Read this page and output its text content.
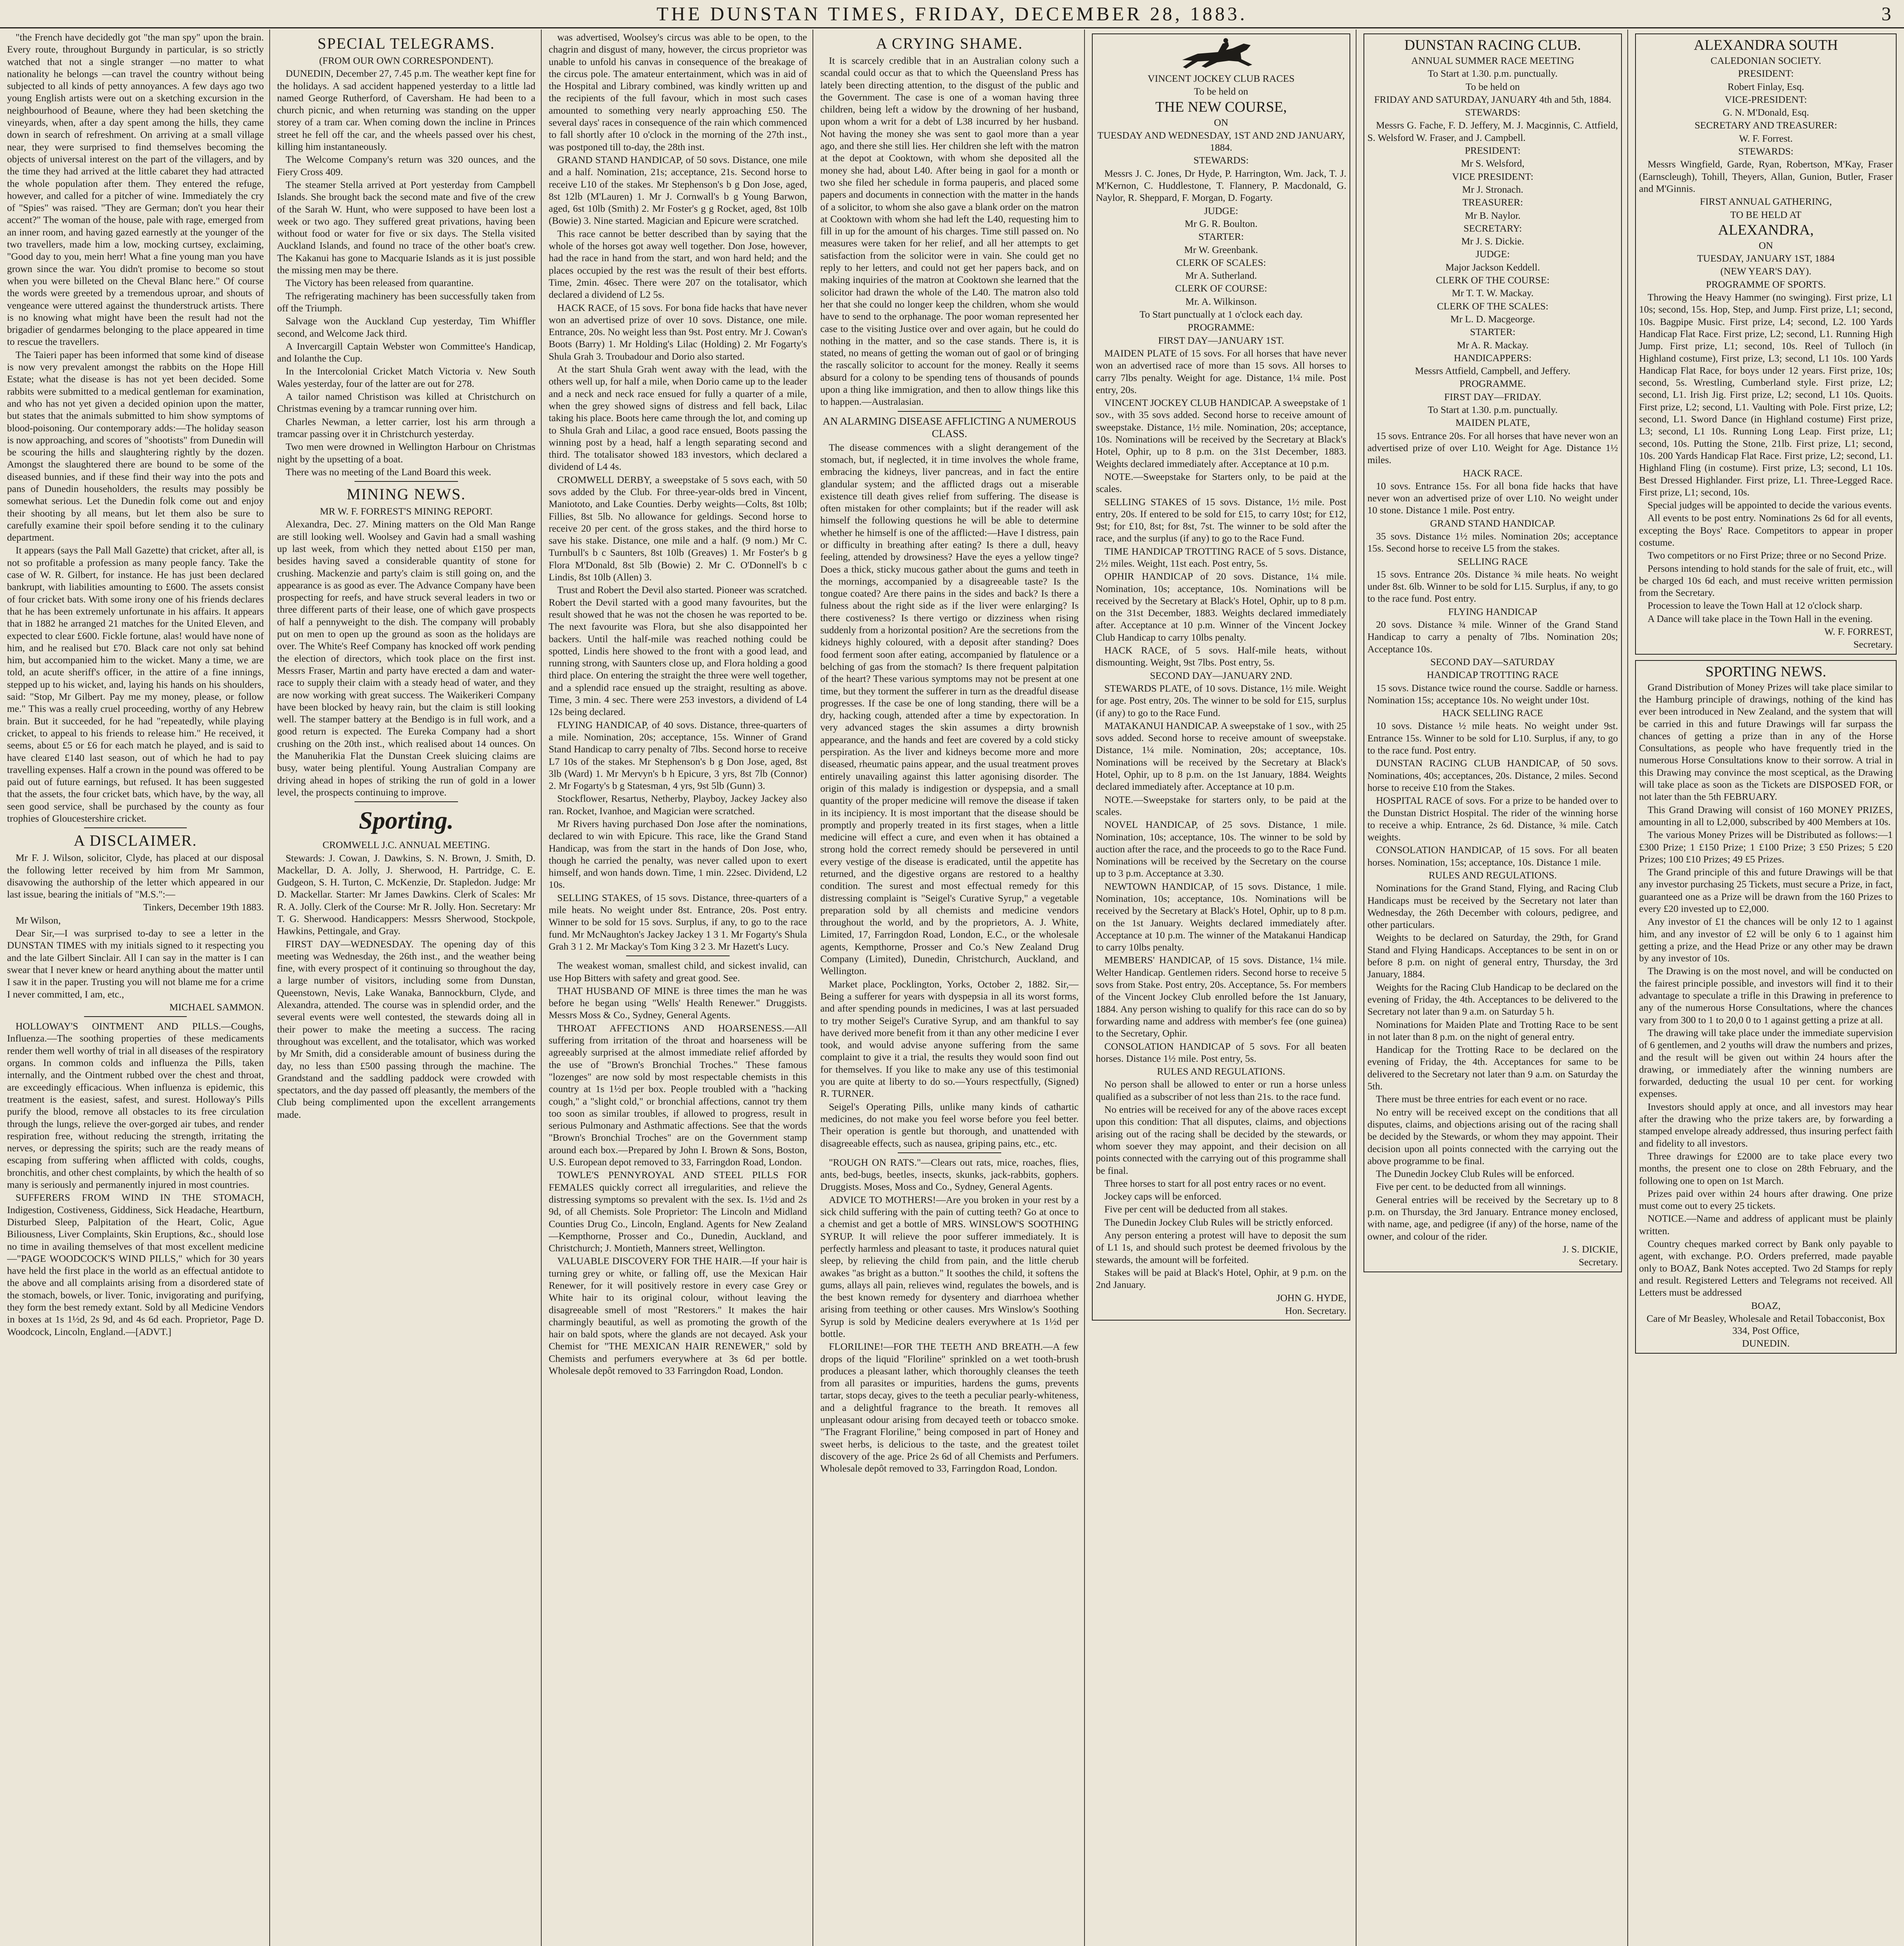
THE DUNSTAN TIMES, FRIDAY, DECEMBER 28, 1883.	3

"the French have decidedly got "the man spy" upon the brain. Every route, throughout Burgundy in particular, is so strictly watched that not a single stranger —no matter to what nationality he belongs —can travel the country without being subjected to all kinds of petty annoyances. A few days ago two young English artists were out on a sketching excursion in the neighbourhood of Beaune, where they had been sketching the vineyards, when, after a day spent among the hills, they came down in search of refreshment. On arriving at a small village near, they were surprised to find themselves becoming the objects of universal interest on the part of the villagers, and by the time they had arrived at the little cabaret they had attracted the whole population after them. They entered the refuge, however, and called for a pitcher of wine. Immediately the cry of "Spies" was raised. "They are German; don't you hear their accent?" The woman of the house, pale with rage, emerged from an inner room, and having gazed earnestly at the younger of the two travellers, made him a low, mocking curtsey, exclaiming, "Good day to you, mein herr! What a fine young man you have grown since the war. You didn't promise to become so stout when you were billeted on the Cheval Blanc here." Of course the words were greeted by a tremendous uproar, and shouts of vengeance were uttered against the thunderstruck artists. There is no knowing what might have been the result had not the brigadier of gendarmes belonging to the place appeared in time to rescue the travellers.

The Taieri paper has been informed that some kind of disease is now very prevalent amongst the rabbits on the Hope Hill Estate; what the disease is has not yet been decided. Some rabbits were submitted to a medical gentleman for examination, and who has not yet given a decided opinion upon the matter, but states that the animals submitted to him show symptoms of blood-poisoning. Our contemporary adds:—The holiday season is now approaching, and scores of "shootists" from Dunedin will be scouring the hills and slaughtering rightly by the dozen. Amongst the slaughtered there are bound to be some of the diseased bunnies, and if these find their way into the pots and pans of Dunedin householders, the results may possibly be somewhat serious. Let the Dunedin folk come out and enjoy their shooting by all means, but let them also be sure to carefully examine their spoil before sending it to the culinary department.

It appears (says the Pall Mall Gazette) that cricket, after all, is not so profitable a profession as many people fancy. Take the case of W. R. Gilbert, for instance. He has just been declared bankrupt, with liabilities amounting to £600. The assets consist of four cricket bats. With some irony one of his friends declares that he has been extremely unfortunate in his affairs. It appears that in 1882 he arranged 21 matches for the United Eleven, and expected to clear £600. Fickle fortune, alas! would have none of him, and he realised but £70. Black care not only sat behind him, but accompanied him to the wicket. Many a time, we are told, an acute sheriff's officer, in the attire of a fine innings, stepped up to his wicket, and, laying his hands on his shoulders, said: "Stop, Mr Gilbert. Pay me my money, please, or follow me." This was a really cruel proceeding, worthy of any Hebrew brain. But it succeeded, for he had "repeatedly, while playing cricket, to appeal to his friends to release him." He received, it seems, about £5 or £6 for each match he played, and is said to have cleared £140 last season, out of which he had to pay travelling expenses. Half a crown in the pound was offered to be paid out of future earnings, but refused. It has been suggested that the assets, the four cricket bats, which have, by the way, all seen good service, shall be purchased by the county as four trophies of Gloucestershire cricket.

A DISCLAIMER.

Mr F. J. Wilson, solicitor, Clyde, has placed at our disposal the following letter received by him from Mr Sammon, disavowing the authorship of the letter which appeared in our last issue, bearing the initials of "M.S.":—

Tinkers, December 19th 1883.

Mr Wilson,

Dear Sir,—I was surprised to-day to see a letter in the DUNSTAN TIMES with my initials signed to it respecting you and the late Gilbert Sinclair. All I can say in the matter is I can swear that I never knew or heard anything about the matter until I saw it in the paper. Trusting you will not blame me for a crime I never committed, I am, etc.,

MICHAEL SAMMON.

HOLLOWAY'S OINTMENT AND PILLS.—Coughs, Influenza.—The soothing properties of these medicaments render them well worthy of trial in all diseases of the respiratory organs. In common colds and influenza the Pills, taken internally, and the Ointment rubbed over the chest and throat, are exceedingly efficacious. When influenza is epidemic, this treatment is the easiest, safest, and surest. Holloway's Pills purify the blood, remove all obstacles to its free circulation through the lungs, relieve the over-gorged air tubes, and render respiration free, without reducing the strength, irritating the nerves, or depressing the spirits; such are the ready means of escaping from suffering when afflicted with colds, coughs, bronchitis, and other chest complaints, by which the health of so many is seriously and permanently injured in most countries.

SUFFERERS FROM WIND IN THE STOMACH, Indigestion, Costiveness, Giddiness, Sick Headache, Heartburn, Disturbed Sleep, Palpitation of the Heart, Colic, Ague Biliousness, Liver Complaints, Skin Eruptions, &c., should lose no time in availing themselves of that most excellent medicine—"PAGE WOODCOCK'S WIND PILLS," which for 30 years have held the first place in the world as an effectual antidote to the above and all complaints arising from a disordered state of the stomach, bowels, or liver. Tonic, invigorating and purifying, they form the best remedy extant. Sold by all Medicine Vendors in boxes at 1s 1½d, 2s 9d, and 4s 6d each. Proprietor, Page D. Woodcock, Lincoln, England.—[ADVT.]

SPECIAL TELEGRAMS.

(FROM OUR OWN CORRESPONDENT).

DUNEDIN, December 27, 7.45 p.m. The weather kept fine for the holidays. A sad accident happened yesterday to a little lad named George Rutherford, of Caversham. He had been to a church picnic, and when returning was standing on the upper storey of a tram car. When coming down the incline in Princes street he fell off the car, and the wheels passed over his chest, killing him instantaneously.

The Welcome Company's return was 320 ounces, and the Fiery Cross 409.

The steamer Stella arrived at Port yesterday from Campbell Islands. She brought back the second mate and five of the crew of the Sarah W. Hunt, who were supposed to have been lost a week or two ago. They suffered great privations, having been without food or water for five or six days. The Stella visited Auckland Islands, and found no trace of the other boat's crew. The Kakanui has gone to Macquarie Islands as it is just possible the missing men may be there.

The Victory has been released from quarantine.

The refrigerating machinery has been successfully taken from off the Triumph.

Salvage won the Auckland Cup yesterday, Tim Whiffler second, and Welcome Jack third.

A Invercargill Captain Webster won Committee's Handicap, and Iolanthe the Cup.

In the Intercolonial Cricket Match Victoria v. New South Wales yesterday, four of the latter are out for 278.

A tailor named Christison was killed at Christchurch on Christmas evening by a tramcar running over him.

Charles Newman, a letter carrier, lost his arm through a tramcar passing over it in Christchurch yesterday.

Two men were drowned in Wellington Harbour on Christmas night by the upsetting of a boat.

There was no meeting of the Land Board this week.

MINING NEWS.

MR W. F. FORREST'S MINING REPORT.

Alexandra, Dec. 27. Mining matters on the Old Man Range are still looking well. Woolsey and Gavin had a small washing up last week, from which they netted about £150 per man, besides having saved a considerable quantity of stone for crushing. Mackenzie and party's claim is still going on, and the appearance is as good as ever. The Advance Company have been prospecting for reefs, and have struck several leaders in two or three different parts of their lease, one of which gave prospects of half a pennyweight to the dish. The company will probably put on men to open up the ground as soon as the holidays are over. The White's Reef Company has knocked off work pending the election of directors, which took place on the first inst. Messrs Fraser, Martin and party have erected a dam and water-race to supply their claim with a steady head of water, and they are now working with great success. The Waikerikeri Company have been blocked by heavy rain, but the claim is still looking well. The stamper battery at the Bendigo is in full work, and a good return is expected. The Eureka Company had a short crushing on the 20th inst., which realised about 14 ounces. On the Manuherikia Flat the Dunstan Creek sluicing claims are busy, water being plentiful. Young Australian Company are driving ahead in hopes of striking the run of gold in a lower level, the prospects continuing to improve.

Sporting.

CROMWELL J.C. ANNUAL MEETING.

Stewards: J. Cowan, J. Dawkins, S. N. Brown, J. Smith, D. Mackellar, D. A. Jolly, J. Sherwood, H. Partridge, C. E. Gudgeon, S. H. Turton, C. McKenzie, Dr. Stapledon. Judge: Mr D. Mackellar. Starter: Mr James Dawkins. Clerk of Scales: Mr R. A. Jolly. Clerk of the Course: Mr R. Jolly. Hon. Secretary: Mr T. G. Sherwood. Handicappers: Messrs Sherwood, Stockpole, Hawkins, Pettingale, and Gray.

FIRST DAY—WEDNESDAY. The opening day of this meeting was Wednesday, the 26th inst., and the weather being fine, with every prospect of it continuing so throughout the day, a large number of visitors, including some from Dunstan, Queenstown, Nevis, Lake Wanaka, Bannockburn, Clyde, and Alexandra, attended. The course was in splendid order, and the several events were well contested, the stewards doing all in their power to make the meeting a success. The racing throughout was excellent, and the totalisator, which was worked by Mr Smith, did a considerable amount of business during the day, no less than £500 passing through the machine. The Grandstand and the saddling paddock were crowded with spectators, and the day passed off pleasantly, the members of the Club being complimented upon the excellent arrangements made.

was advertised, Woolsey's circus was able to be open, to the chagrin and disgust of many, however, the circus proprietor was unable to unfold his canvas in consequence of the breakage of the circus pole. The amateur entertainment, which was in aid of the Hospital and Library combined, was kindly written up and the recipients of the full favour, which in most such cases amounted to something very nearly approaching £50. The several days' races in consequence of the rain which commenced to fall shortly after 10 o'clock in the morning of the 27th inst., was postponed till to-day, the 28th inst.

GRAND STAND HANDICAP, of 50 sovs. Distance, one mile and a half. Nomination, 21s; acceptance, 21s. Second horse to receive L10 of the stakes. Mr Stephenson's b g Don Jose, aged, 8st 12lb (M'Lauren) 1. Mr J. Cornwall's b g Young Barwon, aged, 6st 10lb (Smith) 2. Mr Foster's g g Rocket, aged, 8st 10lb (Bowie) 3. Nine started. Magician and Epicure were scratched.

This race cannot be better described than by saying that the whole of the horses got away well together. Don Jose, however, had the race in hand from the start, and won hard held; and the places occupied by the rest was the result of their best efforts. Time, 2min. 46sec. There were 207 on the totalisator, which declared a dividend of L2 5s.

HACK RACE, of 15 sovs. For bona fide hacks that have never won an advertised prize of over 10 sovs. Distance, one mile. Entrance, 20s. No weight less than 9st. Post entry. Mr J. Cowan's Boots (Barry) 1. Mr Holding's Lilac (Holding) 2. Mr Fogarty's Shula Grah 3. Troubadour and Dorio also started.

At the start Shula Grah went away with the lead, with the others well up, for half a mile, when Dorio came up to the leader and a neck and neck race ensued for fully a quarter of a mile, when the grey showed signs of distress and fell back, Lilac taking his place. Boots here came through the lot, and coming up to Shula Grah and Lilac, a good race ensued, Boots passing the winning post by a head, half a length separating second and third. The totalisator showed 183 investors, which declared a dividend of L4 4s.

CROMWELL DERBY, a sweepstake of 5 sovs each, with 50 sovs added by the Club. For three-year-olds bred in Vincent, Maniototo, and Lake Counties. Derby weights—Colts, 8st 10lb; Fillies, 8st 5lb. No allowance for geldings. Second horse to receive 20 per cent. of the gross stakes, and the third horse to save his stake. Distance, one mile and a half. (9 nom.) Mr C. Turnbull's b c Saunters, 8st 10lb (Greaves) 1. Mr Foster's b g Flora M'Donald, 8st 5lb (Bowie) 2. Mr C. O'Donnell's b c Lindis, 8st 10lb (Allen) 3.

Trust and Robert the Devil also started. Pioneer was scratched. Robert the Devil started with a good many favourites, but the result showed that he was not the chosen he was reported to be. The next favourite was Flora, but she also disappointed her backers. Until the half-mile was reached nothing could be spotted, Lindis here showed to the front with a good lead, and running strong, with Saunters close up, and Flora holding a good third place. On entering the straight the three were well together, and a splendid race ensued up the straight, resulting as above. Time, 3 min. 4 sec. There were 253 investors, a dividend of L4 12s being declared.

FLYING HANDICAP, of 40 sovs. Distance, three-quarters of a mile. Nomination, 20s; acceptance, 15s. Winner of Grand Stand Handicap to carry penalty of 7lbs. Second horse to receive L7 10s of the stakes. Mr Stephenson's b g Don Jose, aged, 8st 3lb (Ward) 1. Mr Mervyn's b h Epicure, 3 yrs, 8st 7lb (Connor) 2. Mr Fogarty's b g Statesman, 4 yrs, 9st 5lb (Gunn) 3.

Stockflower, Resartus, Netherby, Playboy, Jackey Jackey also ran. Rocket, Ivanhoe, and Magician were scratched.

Mr Rivers having purchased Don Jose after the nominations, declared to win with Epicure. This race, like the Grand Stand Handicap, was from the start in the hands of Don Jose, who, though he carried the penalty, was never called upon to exert himself, and won hands down. Time, 1 min. 22sec. Dividend, L2 10s.

SELLING STAKES, of 15 sovs. Distance, three-quarters of a mile heats. No weight under 8st. Entrance, 20s. Post entry. Winner to be sold for 15 sovs. Surplus, if any, to go to the race fund. Mr McNaughton's Jackey Jackey 1 3 1. Mr Fogarty's Shula Grah 3 1 2. Mr Mackay's Tom King 3 2 3. Mr Hazett's Lucy.

The weakest woman, smallest child, and sickest invalid, can use Hop Bitters with safety and great good. See.

THAT HUSBAND OF MINE is three times the man he was before he began using "Wells' Health Renewer." Druggists. Messrs Moss & Co., Sydney, General Agents.

THROAT AFFECTIONS AND HOARSENESS.—All suffering from irritation of the throat and hoarseness will be agreeably surprised at the almost immediate relief afforded by the use of "Brown's Bronchial Troches." These famous "lozenges" are now sold by most respectable chemists in this country at 1s 1½d per box. People troubled with a "hacking cough," a "slight cold," or bronchial affections, cannot try them too soon as similar troubles, if allowed to progress, result in serious Pulmonary and Asthmatic affections. See that the words "Brown's Bronchial Troches" are on the Government stamp around each box.—Prepared by John I. Brown & Sons, Boston, U.S. European depot removed to 33, Farringdon Road, London.

TOWLE'S PENNYROYAL AND STEEL PILLS FOR FEMALES quickly correct all irregularities, and relieve the distressing symptoms so prevalent with the sex. Is. 1½d and 2s 9d, of all Chemists. Sole Proprietor: The Lincoln and Midland Counties Drug Co., Lincoln, England. Agents for New Zealand—Kempthorne, Prosser and Co., Dunedin, Auckland, and Christchurch; J. Montieth, Manners street, Wellington.

VALUABLE DISCOVERY FOR THE HAIR.—If your hair is turning grey or white, or falling off, use the Mexican Hair Renewer, for it will positively restore in every case Grey or White hair to its original colour, without leaving the disagreeable smell of most "Restorers." It makes the hair charmingly beautiful, as well as promoting the growth of the hair on bald spots, where the glands are not decayed. Ask your Chemist for "THE MEXICAN HAIR RENEWER," sold by Chemists and perfumers everywhere at 3s 6d per bottle. Wholesale depôt removed to 33 Farringdon Road, London.

A CRYING SHAME.

It is scarcely credible that in an Australian colony such a scandal could occur as that to which the Queensland Press has lately been directing attention, to the disgust of the public and the Government. The case is one of a woman having three children, being left a widow by the drowning of her husband, upon whom a writ for a debt of L38 incurred by her husband. Not having the money she was sent to gaol more than a year ago, and there she still lies. Her children she left with the matron at the depot at Cooktown, with whom she deposited all the money she had, about L40. After being in gaol for a month or two she filed her schedule in forma pauperis, and placed some papers and documents in connection with the matter in the hands of a solicitor, to whom she also gave a blank order on the matron at Cooktown with whom she had left the L40, requesting him to fill in up for the amount of his charges. Time still passed on. No measures were taken for her relief, and all her attempts to get satisfaction from the solicitor were in vain. She could get no reply to her letters, and could not get her papers back, and on making inquiries of the matron at Cooktown she learned that the solicitor had drawn the whole of the L40. The matron also told her that she could no longer keep the children, whom she would have to send to the orphanage. The poor woman represented her case to the visiting Justice over and over again, but he could do nothing in the matter, and so the case stands. There is, it is stated, no means of getting the woman out of gaol or of bringing the rascally solicitor to account for the money. Really it seems absurd for a colony to be spending tens of thousands of pounds upon a thing like immigration, and then to allow things like this to happen.—Australasian.

AN ALARMING DISEASE AFFLICTING A NUMEROUS CLASS.

The disease commences with a slight derangement of the stomach, but, if neglected, it in time involves the whole frame, embracing the kidneys, liver pancreas, and in fact the entire glandular system; and the afflicted drags out a miserable existence till death gives relief from suffering. The disease is often mistaken for other complaints; but if the reader will ask himself the following questions he will be able to determine whether he himself is one of the afflicted:—Have I distress, pain or difficulty in breathing after eating? Is there a dull, heavy feeling, attended by drowsiness? Have the eyes a yellow tinge? Does a thick, sticky mucous gather about the gums and teeth in the mornings, accompanied by a disagreeable taste? Is the tongue coated? Are there pains in the sides and back? Is there a fulness about the right side as if the liver were enlarging? Is there costiveness? Is there vertigo or dizziness when rising suddenly from a horizontal position? Are the secretions from the kidneys highly coloured, with a deposit after standing? Does food ferment soon after eating, accompanied by flatulence or a belching of gas from the stomach? Is there frequent palpitation of the heart? These various symptoms may not be present at one time, but they torment the sufferer in turn as the dreadful disease progresses. If the case be one of long standing, there will be a dry, hacking cough, attended after a time by expectoration. In very advanced stages the skin assumes a dirty brownish appearance, and the hands and feet are covered by a cold sticky perspiration. As the liver and kidneys become more and more diseased, rheumatic pains appear, and the usual treatment proves entirely unavailing against this latter agonising disorder. The origin of this malady is indigestion or dyspepsia, and a small quantity of the proper medicine will remove the disease if taken in its incipiency. It is most important that the disease should be promptly and properly treated in its first stages, when a little medicine will effect a cure, and even when it has obtained a strong hold the correct remedy should be persevered in until every vestige of the disease is eradicated, until the appetite has returned, and the digestive organs are restored to a healthy condition. The surest and most effectual remedy for this distressing complaint is "Seigel's Curative Syrup," a vegetable preparation sold by all chemists and medicine vendors throughout the world, and by the proprietors, A. J. White, Limited, 17, Farringdon Road, London, E.C., or the wholesale agents, Kempthorne, Prosser and Co.'s New Zealand Drug Company (Limited), Dunedin, Christchurch, Auckland, and Wellington.

Market place, Pocklington, Yorks, October 2, 1882. Sir,—Being a sufferer for years with dyspepsia in all its worst forms, and after spending pounds in medicines, I was at last persuaded to try mother Seigel's Curative Syrup, and am thankful to say have derived more benefit from it than any other medicine I ever took, and would advise anyone suffering from the same complaint to give it a trial, the results they would soon find out for themselves. If you like to make any use of this testimonial you are quite at liberty to do so.—Yours respectfully, (Signed) R. TURNER.

Seigel's Operating Pills, unlike many kinds of cathartic medicines, do not make you feel worse before you feel better. Their operation is gentle but thorough, and unattended with disagreeable effects, such as nausea, griping pains, etc., etc.

"ROUGH ON RATS."—Clears out rats, mice, roaches, flies, ants, bed-bugs, beetles, insects, skunks, jack-rabbits, gophers. Druggists. Moses, Moss and Co., Sydney, General Agents.

ADVICE TO MOTHERS!—Are you broken in your rest by a sick child suffering with the pain of cutting teeth? Go at once to a chemist and get a bottle of MRS. WINSLOW'S SOOTHING SYRUP. It will relieve the poor sufferer immediately. It is perfectly harmless and pleasant to taste, it produces natural quiet sleep, by relieving the child from pain, and the little cherub awakes "as bright as a button." It soothes the child, it softens the gums, allays all pain, relieves wind, regulates the bowels, and is the best known remedy for dysentery and diarrhoea whether arising from teething or other causes. Mrs Winslow's Soothing Syrup is sold by Medicine dealers everywhere at 1s 1½d per bottle.

FLORILINE!—FOR THE TEETH AND BREATH.—A few drops of the liquid "Floriline" sprinkled on a wet tooth-brush produces a pleasant lather, which thoroughly cleanses the teeth from all parasites or impurities, hardens the gums, prevents tartar, stops decay, gives to the teeth a peculiar pearly-whiteness, and a delightful fragrance to the breath. It removes all unpleasant odour arising from decayed teeth or tobacco smoke. "The Fragrant Floriline," being composed in part of Honey and sweet herbs, is delicious to the taste, and the greatest toilet discovery of the age. Price 2s 6d of all Chemists and Perfumers. Wholesale depôt removed to 33, Farringdon Road, London.

VINCENT JOCKEY CLUB RACES

To be held on

THE NEW COURSE,

ON

TUESDAY AND WEDNESDAY, 1ST AND 2ND JANUARY, 1884.

STEWARDS:

Messrs J. C. Jones, Dr Hyde, P. Harrington, Wm. Jack, T. J. M'Kernon, C. Huddlestone, T. Flannery, P. Macdonald, G. Naylor, R. Sheppard, F. Morgan, D. Fogarty.

JUDGE:

Mr G. R. Boulton.

STARTER:

Mr W. Greenbank.

CLERK OF SCALES:

Mr A. Sutherland.

CLERK OF COURSE:

Mr. A. Wilkinson.

To Start punctually at 1 o'clock each day.

PROGRAMME:

FIRST DAY—JANUARY 1ST.

MAIDEN PLATE of 15 sovs. For all horses that have never won an advertised race of more than 15 sovs. All horses to carry 7lbs penalty. Weight for age. Distance, 1¼ mile. Post entry, 20s.

VINCENT JOCKEY CLUB HANDICAP. A sweepstake of 1 sov., with 35 sovs added. Second horse to receive amount of sweepstake. Distance, 1½ mile. Nomination, 20s; acceptance, 10s. Nominations will be received by the Secretary at Black's Hotel, Ophir, up to 8 p.m. on the 31st December, 1883. Weights declared immediately after. Acceptance at 10 p.m.

NOTE.—Sweepstake for Starters only, to be paid at the scales.

SELLING STAKES of 15 sovs. Distance, 1½ mile. Post entry, 20s. If entered to be sold for £15, to carry 10st; for £12, 9st; for £10, 8st; for 8st, 7st. The winner to be sold after the race, and the surplus (if any) to go to the Race Fund.

TIME HANDICAP TROTTING RACE of 5 sovs. Distance, 2½ miles. Weight, 11st each. Post entry, 5s.

OPHIR HANDICAP of 20 sovs. Distance, 1¼ mile. Nomination, 10s; acceptance, 10s. Nominations will be received by the Secretary at Black's Hotel, Ophir, up to 8 p.m. on the 31st December, 1883. Weights declared immediately after. Acceptance at 10 p.m. Winner of the Vincent Jockey Club Handicap to carry 10lbs penalty.

HACK RACE, of 5 sovs. Half-mile heats, without dismounting. Weight, 9st 7lbs. Post entry, 5s.

SECOND DAY—JANUARY 2ND.

STEWARDS PLATE, of 10 sovs. Distance, 1½ mile. Weight for age. Post entry, 20s. The winner to be sold for £15, surplus (if any) to go to the Race Fund.

MATAKANUI HANDICAP. A sweepstake of 1 sov., with 25 sovs added. Second horse to receive amount of sweepstake. Distance, 1¼ mile. Nomination, 20s; acceptance, 10s. Nominations will be received by the Secretary at Black's Hotel, Ophir, up to 8 p.m. on the 1st January, 1884. Weights declared immediately after. Acceptance at 10 p.m.

NOTE.—Sweepstake for starters only, to be paid at the scales.

NOVEL HANDICAP, of 25 sovs. Distance, 1 mile. Nomination, 10s; acceptance, 10s. The winner to be sold by auction after the race, and the proceeds to go to the Race Fund. Nominations will be received by the Secretary on the course up to 3 p.m. Acceptance at 3.30.

NEWTOWN HANDICAP, of 15 sovs. Distance, 1 mile. Nomination, 10s; acceptance, 10s. Nominations will be received by the Secretary at Black's Hotel, Ophir, up to 8 p.m. on the 1st January. Weights declared immediately after. Acceptance at 10 p.m. The winner of the Matakanui Handicap to carry 10lbs penalty.

MEMBERS' HANDICAP, of 15 sovs. Distance, 1¼ mile. Welter Handicap. Gentlemen riders. Second horse to receive 5 sovs from Stake. Post entry, 20s. Acceptance, 5s. For members of the Vincent Jockey Club enrolled before the 1st January, 1884. Any person wishing to qualify for this race can do so by forwarding name and address with member's fee (one guinea) to the Secretary, Ophir.

CONSOLATION HANDICAP of 5 sovs. For all beaten horses. Distance 1½ mile. Post entry, 5s.

RULES AND REGULATIONS.

No person shall be allowed to enter or run a horse unless qualified as a subscriber of not less than 21s. to the race fund.

No entries will be received for any of the above races except upon this condition: That all disputes, claims, and objections arising out of the racing shall be decided by the stewards, or whom soever they may appoint, and their decision on all points connected with the carrying out of this programme shall be final.

Three horses to start for all post entry races or no event.

Jockey caps will be enforced.

Five per cent will be deducted from all stakes.

The Dunedin Jockey Club Rules will be strictly enforced.

Any person entering a protest will have to deposit the sum of L1 1s, and should such protest be deemed frivolous by the stewards, the amount will be forfeited.

Stakes will be paid at Black's Hotel, Ophir, at 9 p.m. on the 2nd January.

JOHN G. HYDE,

Hon. Secretary.

DUNSTAN RACING CLUB.

ANNUAL SUMMER RACE MEETING

To Start at 1.30. p.m. punctually.

To be held on

FRIDAY AND SATURDAY, JANUARY 4th and 5th, 1884.

STEWARDS:

Messrs G. Fache, F. D. Jeffery, M. J. Macginnis, C. Attfield, S. Welsford W. Fraser, and J. Campbell.

PRESIDENT:

Mr S. Welsford,

VICE PRESIDENT:

Mr J. Stronach.

TREASURER:

Mr B. Naylor.

SECRETARY:

Mr J. S. Dickie.

JUDGE:

Major Jackson Keddell.

CLERK OF THE COURSE:

Mr T. T. W. Mackay.

CLERK OF THE SCALES:

Mr L. D. Macgeorge.

STARTER:

Mr A. R. Mackay.

HANDICAPPERS:

Messrs Attfield, Campbell, and Jeffery.

PROGRAMME.

FIRST DAY—FRIDAY.

To Start at 1.30. p.m. punctually.

MAIDEN PLATE,

15 sovs. Entrance 20s. For all horses that have never won an advertised prize of over L10. Weight for Age. Distance 1½ miles.

HACK RACE.

10 sovs. Entrance 15s. For all bona fide hacks that have never won an advertised prize of over L10. No weight under 10 stone. Distance 1 mile. Post entry.

GRAND STAND HANDICAP.

35 sovs. Distance 1½ miles. Nomination 20s; acceptance 15s. Second horse to receive L5 from the stakes.

SELLING RACE

15 sovs. Entrance 20s. Distance ¾ mile heats. No weight under 8st. 6lb. Winner to be sold for L15. Surplus, if any, to go to the race fund. Post entry.

FLYING HANDICAP

20 sovs. Distance ¾ mile. Winner of the Grand Stand Handicap to carry a penalty of 7lbs. Nomination 20s; Acceptance 10s.

SECOND DAY—SATURDAY

HANDICAP TROTTING RACE

15 sovs. Distance twice round the course. Saddle or harness. Nomination 15s; acceptance 10s. No weight under 10st.

HACK SELLING RACE

10 sovs. Distance ½ mile heats. No weight under 9st. Entrance 15s. Winner to be sold for L10. Surplus, if any, to go to the race fund. Post entry.

DUNSTAN RACING CLUB HANDICAP, of 50 sovs. Nominations, 40s; acceptances, 20s. Distance, 2 miles. Second horse to receive £10 from the Stakes.

HOSPITAL RACE of sovs. For a prize to be handed over to the Dunstan District Hospital. The rider of the winning horse to receive a whip. Entrance, 2s 6d. Distance, ¾ mile. Catch weights.

CONSOLATION HANDICAP, of 15 sovs. For all beaten horses. Nomination, 15s; acceptance, 10s. Distance 1 mile.

RULES AND REGULATIONS.

Nominations for the Grand Stand, Flying, and Racing Club Handicaps must be received by the Secretary not later than Wednesday, the 26th December with colours, pedigree, and other particulars.

Weights to be declared on Saturday, the 29th, for Grand Stand and Flying Handicaps. Acceptances to be sent in on or before 8 p.m. on night of general entry, Thursday, the 3rd January, 1884.

Weights for the Racing Club Handicap to be declared on the evening of Friday, the 4th. Acceptances to be delivered to the Secretary not later than 9 a.m. on Saturday 5 h.

Nominations for Maiden Plate and Trotting Race to be sent in not later than 8 p.m. on the night of general entry.

Handicap for the Trotting Race to be declared on the evening of Friday, the 4th. Acceptances for same to be delivered to the Secretary not later than 9 a.m. on Saturday the 5th.

There must be three entries for each event or no race.

No entry will be received except on the conditions that all disputes, claims, and objections arising out of the racing shall be decided by the Stewards, or whom they may appoint. Their decision upon all points connected with the carrying out the above programme to be final.

The Dunedin Jockey Club Rules will be enforced.

Five per cent. to be deducted from all winnings.

General entries will be received by the Secretary up to 8 p.m. on Thursday, the 3rd January. Entrance money enclosed, with name, age, and pedigree (if any) of the horse, name of the owner, and colour of the rider.

J. S. DICKIE,

Secretary.

ALEXANDRA SOUTH

CALEDONIAN SOCIETY.

PRESIDENT:

Robert Finlay, Esq.

VICE-PRESIDENT:

G. N. M'Donald, Esq.

SECRETARY AND TREASURER:

W. F. Forrest.

STEWARDS:

Messrs Wingfield, Garde, Ryan, Robertson, M'Kay, Fraser (Earnscleugh), Tohill, Theyers, Allan, Gunion, Butler, Fraser and M'Ginnis.

FIRST ANNUAL GATHERING,

TO BE HELD AT

ALEXANDRA,

ON

TUESDAY, JANUARY 1ST, 1884

(NEW YEAR'S DAY).

PROGRAMME OF SPORTS.

Throwing the Heavy Hammer (no swinging). First prize, L1 10s; second, 15s. Hop, Step, and Jump. First prize, L1; second, 10s. Bagpipe Music. First prize, L4; second, L2. 100 Yards Handicap Flat Race. First prize, L2; second, L1. Running High Jump. First prize, L1; second, 10s. Reel of Tulloch (in Highland costume), First prize, L3; second, L1 10s. 100 Yards Handicap Flat Race, for boys under 12 years. First prize, 10s; second, 5s. Wrestling, Cumberland style. First prize, L2; second, L1. Irish Jig. First prize, L2; second, L1 10s. Quoits. First prize, L2; second, L1. Vaulting with Pole. First prize, L2; second, L1. Sword Dance (in Highland costume) First prize, L3; second, L1 10s. Running Long Leap. First prize, L1; second, 10s. Putting the Stone, 21lb. First prize, L1; second, 10s. 200 Yards Handicap Flat Race. First prize, L2; second, L1. Highland Fling (in costume). First prize, L3; second, L1 10s. Best Dressed Highlander. First prize, L1. Three-Legged Race. First prize, L1; second, 10s.

Special judges will be appointed to decide the various events.

All events to be post entry. Nominations 2s 6d for all events, excepting the Boys' Race. Competitors to appear in proper costume.

Two competitors or no First Prize; three or no Second Prize.

Persons intending to hold stands for the sale of fruit, etc., will be charged 10s 6d each, and must receive written permission from the Secretary.

Procession to leave the Town Hall at 12 o'clock sharp.

A Dance will take place in the Town Hall in the evening.

W. F. FORREST,

Secretary.

SPORTING NEWS.

Grand Distribution of Money Prizes will take place similar to the Hamburg principle of drawings, nothing of the kind has ever been introduced in New Zealand, and the system that will be carried in this and future Drawings will far surpass the chances of getting a prize than in any of the Horse Consultations, as people who have frequently tried in the numerous Horse Consultations know to their sorrow. A trial in this Drawing may convince the most sceptical, as the Drawing will take place as soon as the Tickets are DISPOSED FOR, or not later than the 5th FEBRUARY.

This Grand Drawing will consist of 160 MONEY PRIZES, amounting in all to L2,000, subscribed by 400 Members at 10s.

The various Money Prizes will be Distributed as follows:—1 £300 Prize; 1 £150 Prize; 1 £100 Prize; 3 £50 Prizes; 5 £20 Prizes; 100 £10 Prizes; 49 £5 Prizes.

The Grand principle of this and future Drawings will be that any investor purchasing 25 Tickets, must secure a Prize, in fact, guaranteed one as a Prize will be drawn from the 160 Prizes to every £20 invested up to £2,000.

Any investor of £1 the chances will be only 12 to 1 against him, and any investor of £2 will be only 6 to 1 against him getting a prize, and the Head Prize or any other may be drawn by any investor of 10s.

The Drawing is on the most novel, and will be conducted on the fairest principle possible, and investors will find it to their advantage to speculate a trifle in this Drawing in preference to any of the numerous Horse Consultations, where the chances vary from 300 to 1 to 20,0 0 to 1 against getting a prize at all.

The drawing will take place under the immediate supervision of 6 gentlemen, and 2 youths will draw the numbers and prizes, and the result will be given out within 24 hours after the drawing, or immediately after the winning numbers are forwarded, deducting the usual 10 per cent. for working expenses.

Investors should apply at once, and all investors may hear after the drawing who the prize takers are, by forwarding a stamped envelope already addressed, thus insuring perfect faith and fidelity to all investors.

Three drawings for £2000 are to take place every two months, the present one to close on 28th February, and the following one to open on 1st March.

Prizes paid over within 24 hours after drawing. One prize must come out to every 25 tickets.

NOTICE.—Name and address of applicant must be plainly written.

Country cheques marked correct by Bank only payable to agent, with exchange. P.O. Orders preferred, made payable only to BOAZ, Bank Notes accepted. Two 2d Stamps for reply and result. Registered Letters and Telegrams not received. All Letters must be addressed

BOAZ,

Care of Mr Beasley, Wholesale and Retail Tobacconist, Box 334, Post Office,

DUNEDIN.
